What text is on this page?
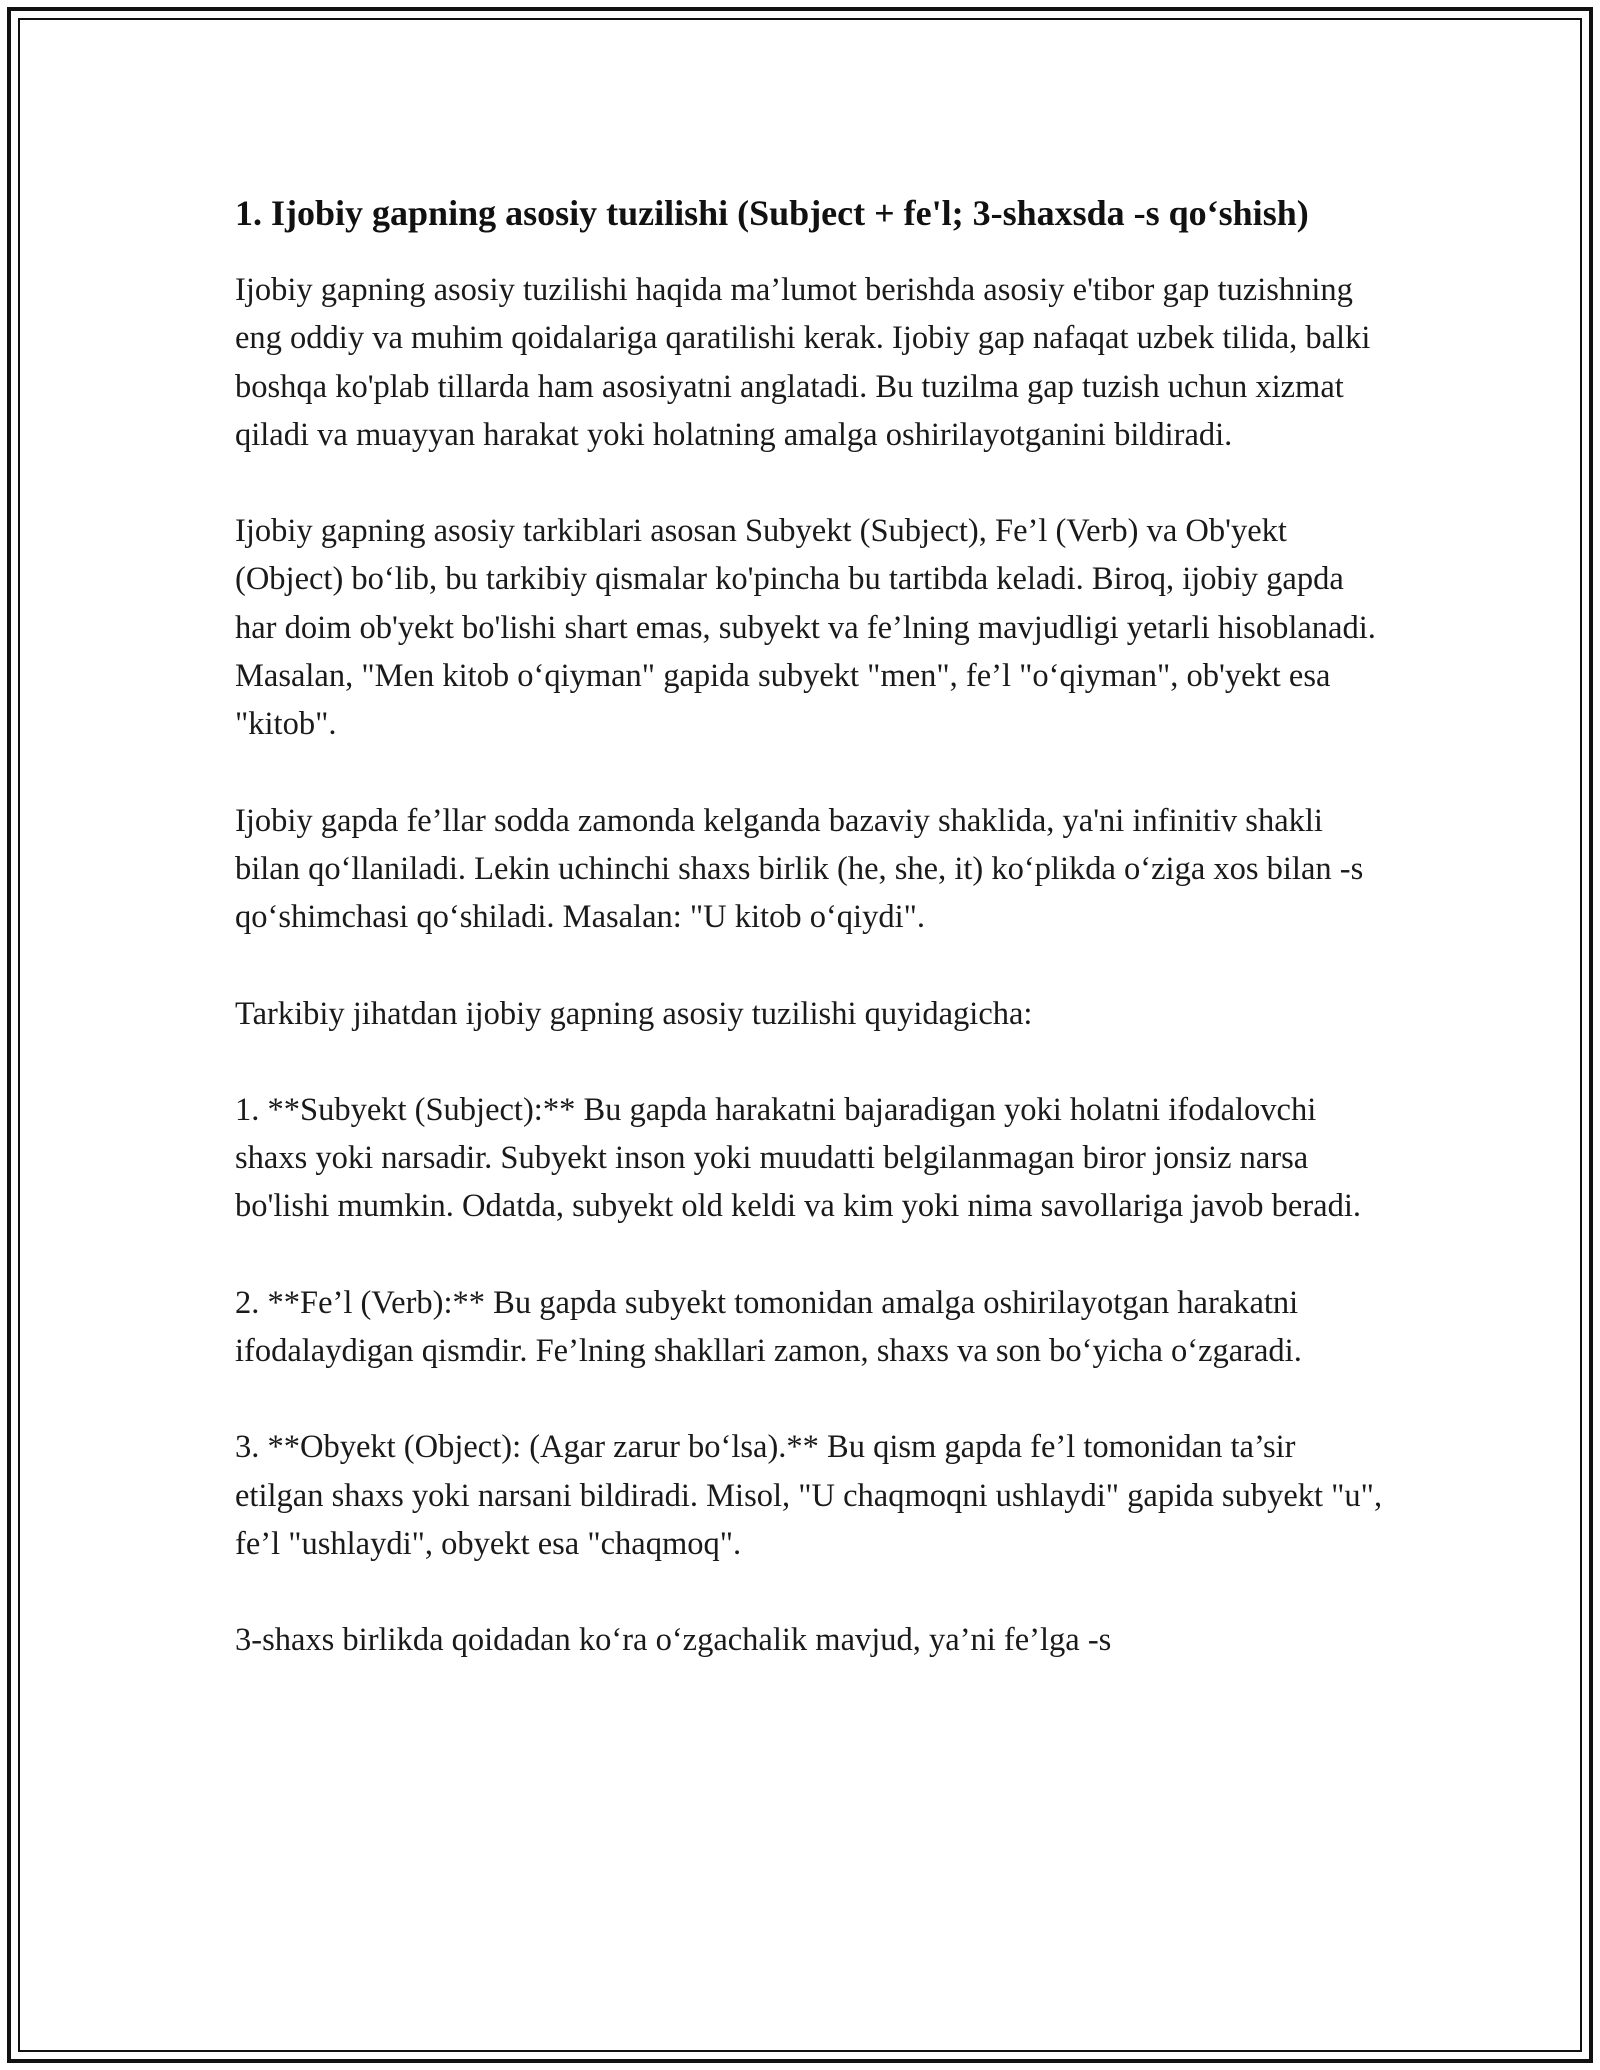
1. Ijobiy gapning asosiy tuzilishi (Subject + fe'l; 3-shaxsda -s qo‘shish)

Ijobiy gapning asosiy tuzilishi haqida ma’lumot berishda asosiy e'tibor gap tuzishning eng oddiy va muhim qoidalariga qaratilishi kerak. Ijobiy gap nafaqat uzbek tilida, balki boshqa ko'plab tillarda ham asosiyatni anglatadi. Bu tuzilma gap tuzish uchun xizmat qiladi va muayyan harakat yoki holatning amalga oshirilayotganini bildiradi.

Ijobiy gapning asosiy tarkiblari asosan Subyekt (Subject), Fe’l (Verb) va Ob'yekt (Object) bo‘lib, bu tarkibiy qismalar ko'pincha bu tartibda keladi. Biroq, ijobiy gapda har doim ob'yekt bo'lishi shart emas, subyekt va fe’lning mavjudligi yetarli hisoblanadi. Masalan, "Men kitob o‘qiyman" gapida subyekt "men", fe’l "o‘qiyman", ob'yekt esa "kitob".

Ijobiy gapda fe’llar sodda zamonda kelganda bazaviy shaklida, ya'ni infinitiv shakli bilan qo‘llaniladi. Lekin uchinchi shaxs birlik (he, she, it) ko‘plikda o‘ziga xos bilan -s qo‘shimchasi qo‘shiladi. Masalan: "U kitob o‘qiydi".

Tarkibiy jihatdan ijobiy gapning asosiy tuzilishi quyidagicha:

1. **Subyekt (Subject):** Bu gapda harakatni bajaradigan yoki holatni ifodalovchi shaxs yoki narsadir. Subyekt inson yoki muudatti belgilanmagan biror jonsiz narsa bo'lishi mumkin. Odatda, subyekt old keldi va kim yoki nima savollariga javob beradi.

2. **Fe’l (Verb):** Bu gapda subyekt tomonidan amalga oshirilayotgan harakatni ifodalaydigan qismdir. Fe’lning shakllari zamon, shaxs va son bo‘yicha o‘zgaradi.

3. **Obyekt (Object): (Agar zarur bo‘lsa).** Bu qism gapda fe’l tomonidan ta’sir etilgan shaxs yoki narsani bildiradi. Misol, "U chaqmoqni ushlaydi" gapida subyekt "u", fe’l "ushlaydi", obyekt esa "chaqmoq".

3-shaxs birlikda qoidadan ko‘ra o‘zgachalik mavjud, ya’ni fe’lga -s
